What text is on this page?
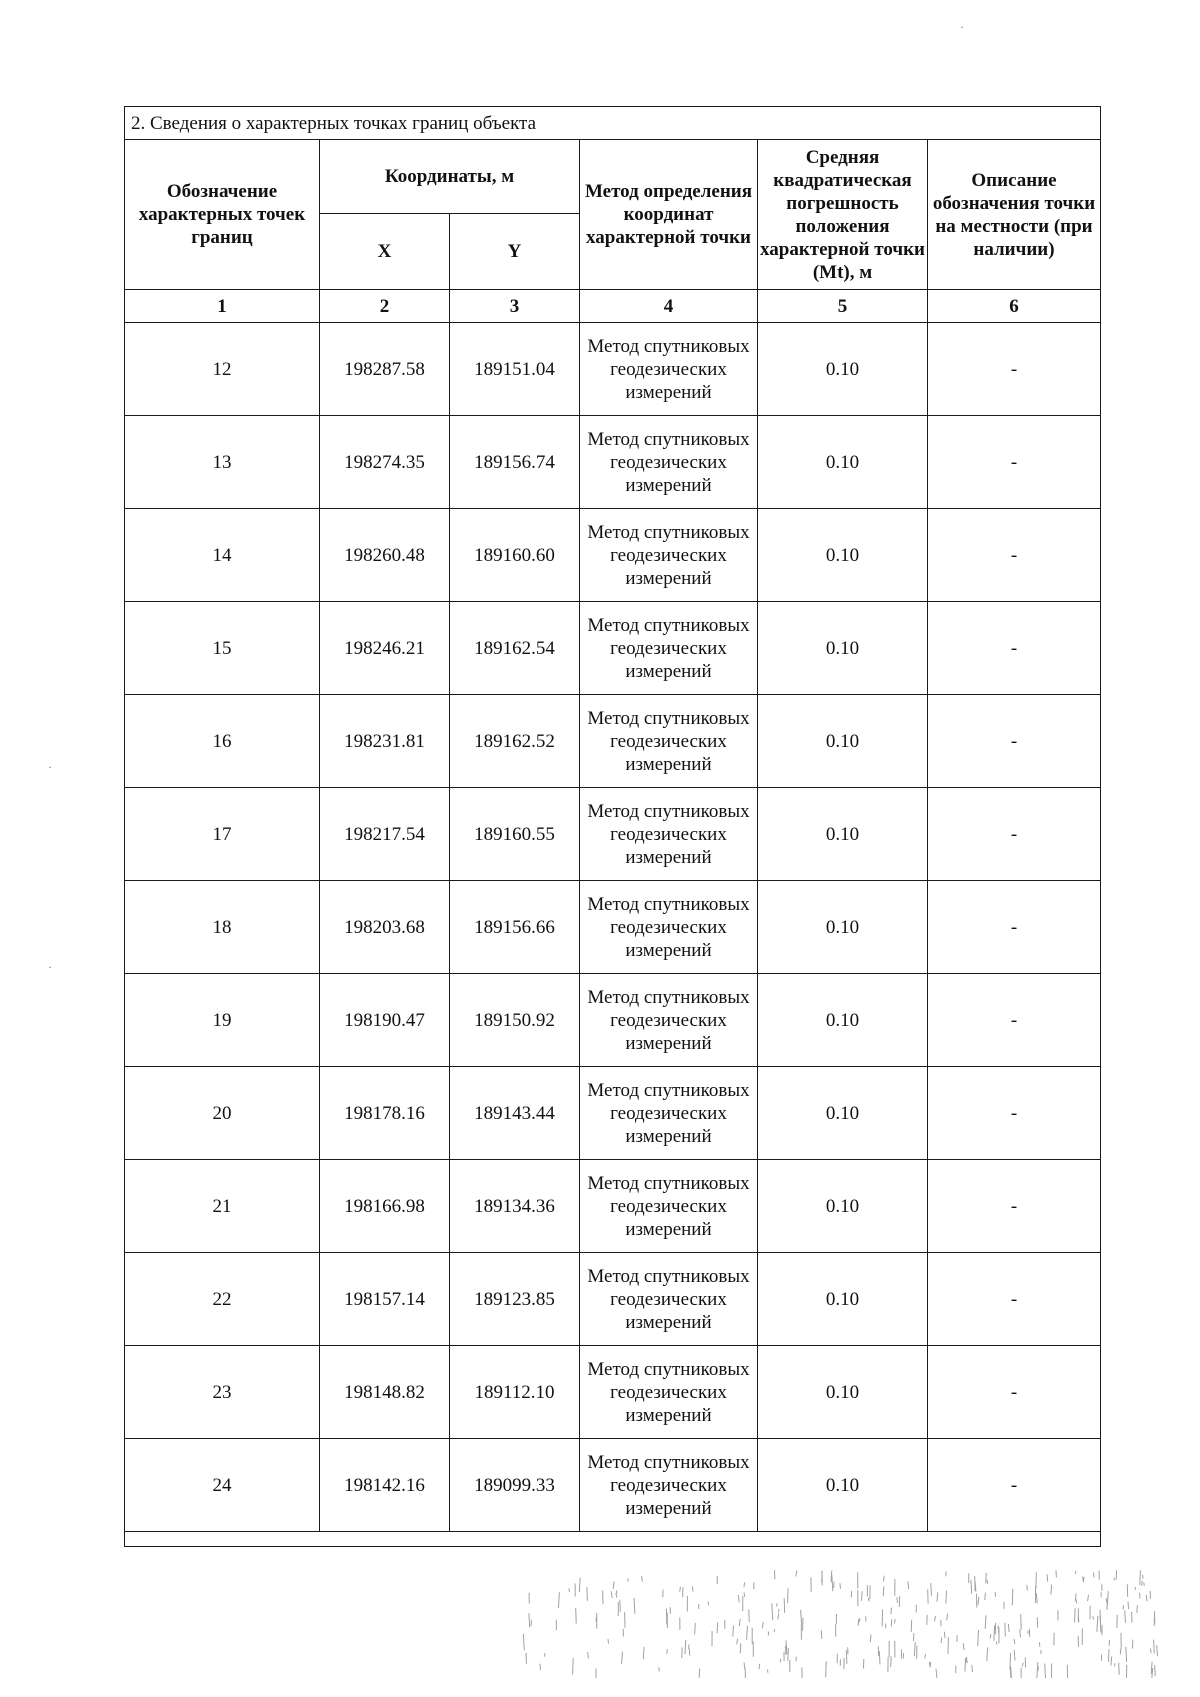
2. Сведения о характерных точках границ объекта					
Обозначение характерных точек границ	Координаты, м		Метод определения координат характерной точки	Средняя квадратическая погрешность положения характерной точки (Mt), м	Описание обозначения точки на местности (при наличии)
	X	Y			
1	2	3	4	5	6
12	198287.58	189151.04	Метод спутниковых геодезических измерений	0.10	-
13	198274.35	189156.74	Метод спутниковых геодезических измерений	0.10	-
14	198260.48	189160.60	Метод спутниковых геодезических измерений	0.10	-
15	198246.21	189162.54	Метод спутниковых геодезических измерений	0.10	-
16	198231.81	189162.52	Метод спутниковых геодезических измерений	0.10	-
17	198217.54	189160.55	Метод спутниковых геодезических измерений	0.10	-
18	198203.68	189156.66	Метод спутниковых геодезических измерений	0.10	-
19	198190.47	189150.92	Метод спутниковых геодезических измерений	0.10	-
20	198178.16	189143.44	Метод спутниковых геодезических измерений	0.10	-
21	198166.98	189134.36	Метод спутниковых геодезических измерений	0.10	-
22	198157.14	189123.85	Метод спутниковых геодезических измерений	0.10	-
23	198148.82	189112.10	Метод спутниковых геодезических измерений	0.10	-
24	198142.16	189099.33	Метод спутниковых геодезических измерений	0.10	-

·
·
·
